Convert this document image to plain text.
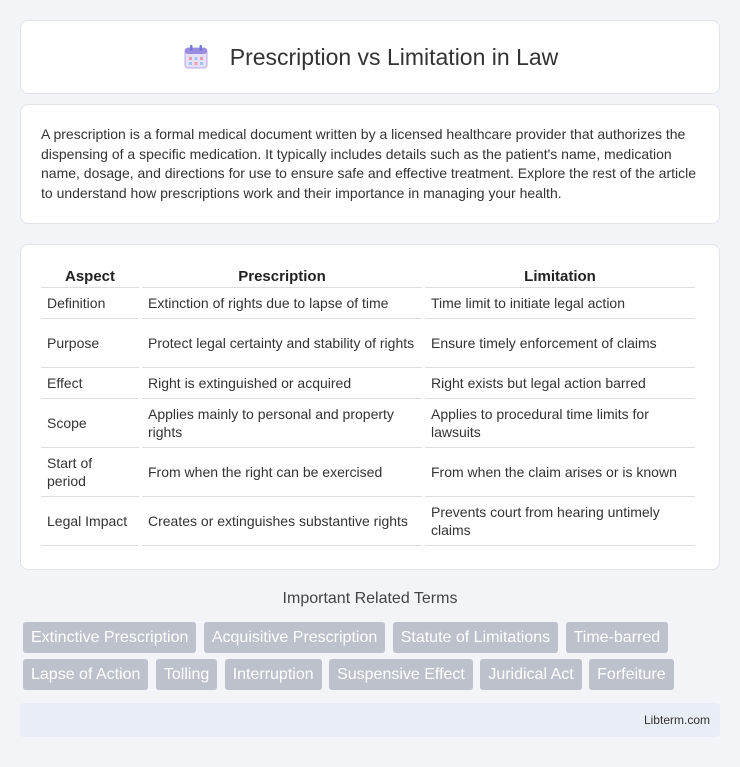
Prescription vs Limitation in Law

A prescription is a formal medical document written by a licensed healthcare provider that authorizes the dispensing of a specific medication. It typically includes details such as the patient's name, medication name, dosage, and directions for use to ensure safe and effective treatment. Explore the rest of the article to understand how prescriptions work and their importance in managing your health.

Aspect	Prescription	Limitation
Definition	Extinction of rights due to lapse of time	Time limit to initiate legal action
Purpose	Protect legal certainty and stability of rights	Ensure timely enforcement of claims
Effect	Right is extinguished or acquired	Right exists but legal action barred
Scope	Applies mainly to personal and property rights	Applies to procedural time limits for lawsuits
Start of period	From when the right can be exercised	From when the claim arises or is known
Legal Impact	Creates or extinguishes substantive rights	Prevents court from hearing untimely claims
Important Related Terms
Extinctive Prescription Acquisitive Prescription Statute of Limitations Time-barred Lapse of Action Tolling Interruption Suspensive Effect Juridical Act Forfeiture
Libterm.com
